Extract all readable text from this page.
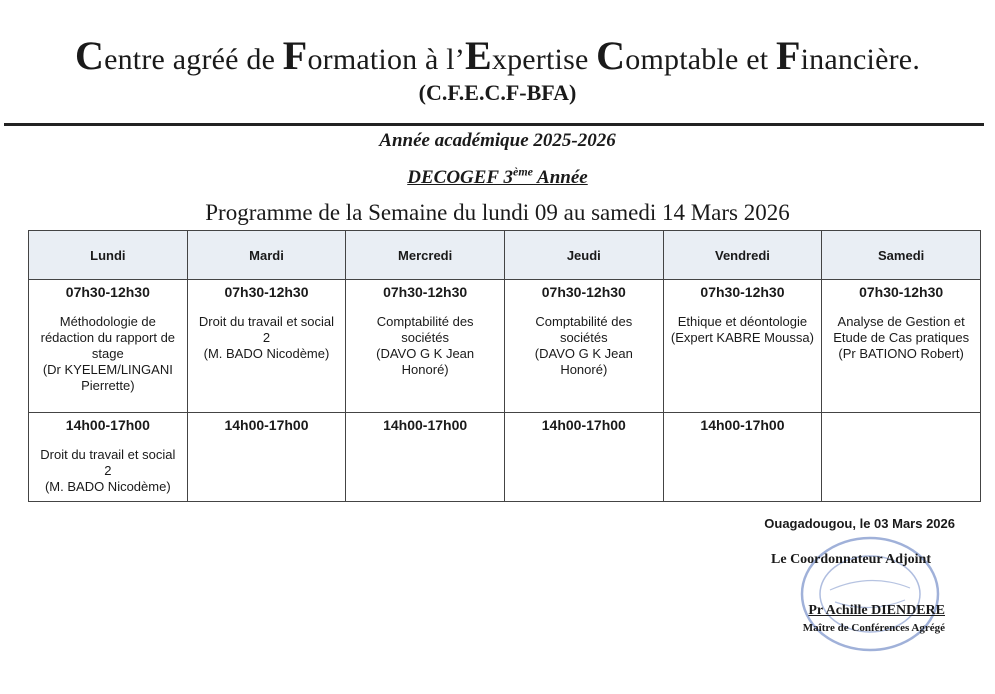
Centre agréé de Formation à l’Expertise Comptable et Financière.
(C.F.E.C.F-BFA)
Année académique 2025-2026
DECOGEF 3ème Année
Programme de la Semaine du lundi 09 au samedi 14 Mars 2026
Lundi	Mardi	Mercredi	Jeudi	Vendredi	Samedi

07h30-12h30
Méthodologie de rédaction du rapport de stage
(Dr KYELEM/LINGANI Pierrette)	07h30-12h30
Droit du travail et social 2
(M. BADO Nicodème)	07h30-12h30
Comptabilité des sociétés
(DAVO G K Jean Honoré)	07h30-12h30
Comptabilité des sociétés
(DAVO G K Jean Honoré)	07h30-12h30
Ethique et déontologie
(Expert KABRE Moussa)	07h30-12h30
Analyse de Gestion et Etude de Cas pratiques
(Pr BATIONO Robert)

14h00-17h00
Droit du travail et social 2
(M. BADO Nicodème)	14h00-17h00	14h00-17h00	14h00-17h00	14h00-17h00	

Ouagadougou, le 03 Mars 2026
Le Coordonnateur Adjoint
Pr Achille DIENDERE
Maître de Conférences Agrégé
